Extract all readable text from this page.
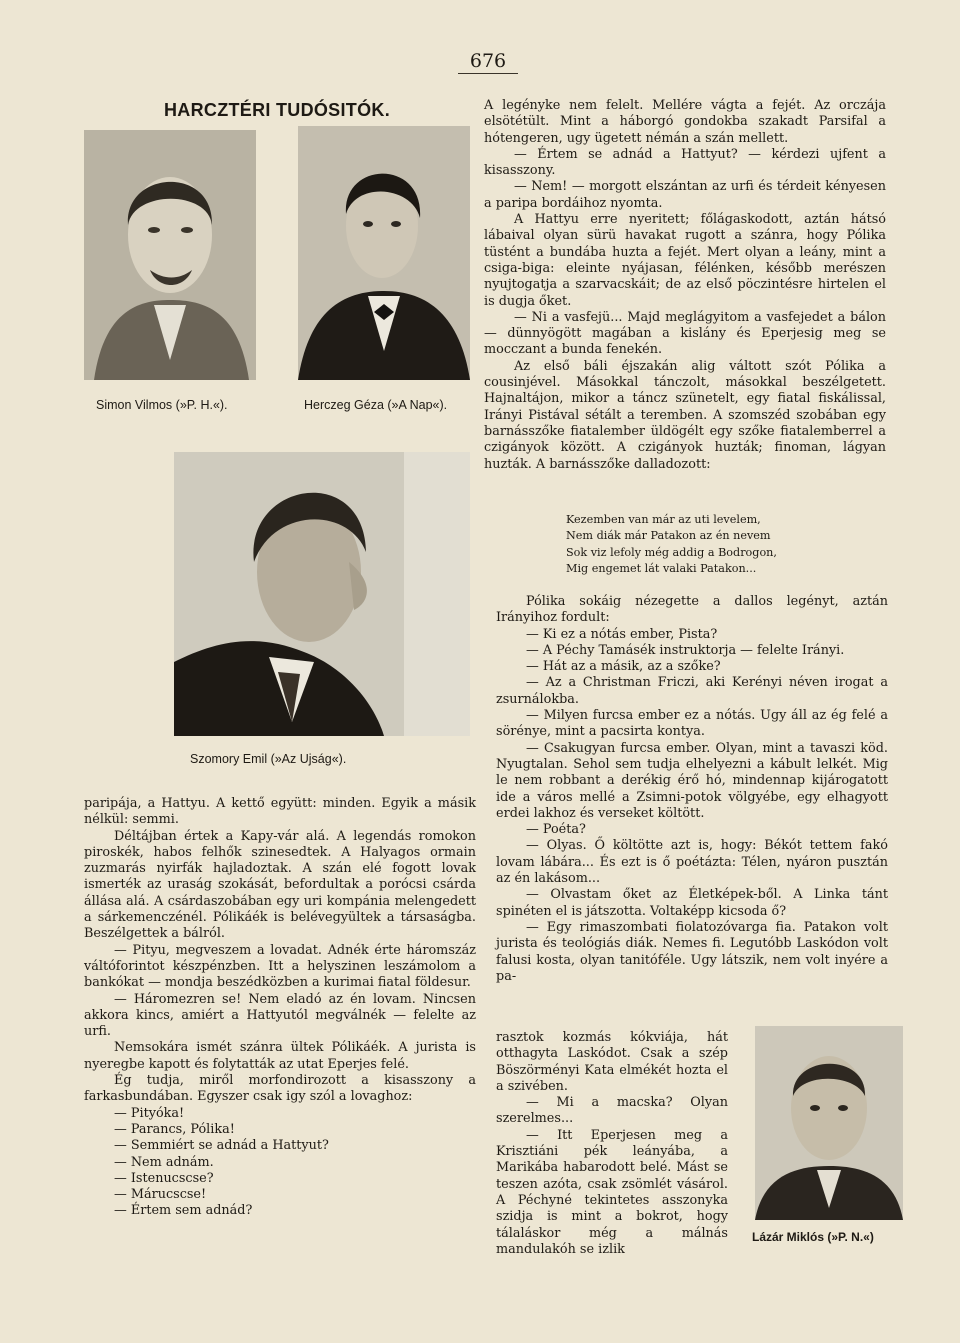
676
HARCZTÉRI TUDÓSITÓK.
Simon Vilmos (»P. H.«).	Herczeg Géza (»A Nap«).
Szomory Emil (»Az Ujság«).
Lázár Miklós (»P. N.«)

A legényke nem felelt. Mellére vágta a fejét. Az orczája elsötétült. Mint a háborgó gondokba szakadt Parsifal a hótengeren, ugy ügetett némán a szán mellett.

— Értem se adnád a Hattyut? — kérdezi ujfent a kisasszony.

— Nem! — morgott elszántan az urfi és térdeit kényesen a paripa bordáihoz nyomta.

A Hattyu erre nyeritett; főlágaskodott, aztán hátsó lábaival olyan sürü havakat rugott a szánra, hogy Pólika tüstént a bundába huzta a fejét. Mert olyan a leány, mint a csiga-biga: eleinte nyájasan, félénken, később merészen nyujtogatja a szarvacskáit; de az első pöczintésre hirtelen el is dugja őket.

— Ni a vasfejü... Majd meglágyitom a vasfejedet a bálon — dünnyögött magában a kislány és Eperjesig meg se mocczant a bunda fenekén.

Az első báli éjszakán alig váltott szót Pólika a cousinjével. Másokkal tánczolt, másokkal beszélgetett. Hajnaltájon, mikor a táncz szünetelt, egy fiatal fiskálissal, Irányi Pistával sétált a teremben. A szomszéd szobában egy barnásszőke fiatalember üldögélt egy szőke fiatalemberrel a czigányok között. A czigányok huzták; finoman, lágyan huzták. A barnásszőke dalladozott:

Kezemben van már az uti levelem,
Nem diák már Patakon az én nevem
Sok viz lefoly még addig a Bodrogon,
Mig engemet lát valaki Patakon...

Pólika sokáig nézegette a dallos legényt, aztán Irányihoz fordult:

— Ki ez a nótás ember, Pista?

— A Péchy Tamásék instruktorja — felelte Irányi.

— Hát az a másik, az a szőke?

— Az a Christman Friczi, aki Kerényi néven irogat a zsurnálokba.

— Milyen furcsa ember ez a nótás. Ugy áll az ég felé a sörénye, mint a pacsirta kontya.

— Csakugyan furcsa ember. Olyan, mint a tavaszi köd. Nyugtalan. Sehol sem tudja elhelyezni a kábult lelkét. Mig le nem robbant a derékig érő hó, mindennap kijárogatott ide a város mellé a Zsimni-potok völgyébe, egy elhagyott erdei lakhoz és verseket költött.

— Poéta?

— Olyas. Ő költötte azt is, hogy: Békót tettem fakó lovam lábára... És ezt is ő poétázta: Télen, nyáron pusztán az én lakásom...

— Olvastam őket az Életképek-ből. A Linka tánt spinéten el is játszotta. Voltaképp kicsoda ő?

— Egy rimaszombati fiolatozóvarga fia. Patakon volt jurista és teológiás diák. Nemes fi. Legutóbb Laskódon volt falusi kosta, olyan tanitóféle. Ugy látszik, nem volt inyére a pa-

rasztok kozmás kókviája, hát otthagyta Laskódot. Csak a szép Böszörményi Kata elmékét hozta el a szivében.

— Mi a macska? Olyan szerelmes...

— Itt Eperjesen meg a Krisztiáni pék leányába, a Marikába habarodott belé. Mást se teszen azóta, csak zsömlét vásárol. A Péchyné tekintetes asszonyka szidja is mint a bokrot, hogy tálaláskor még a málnás mandulakóh se izlik

paripája, a Hattyu. A kettő együtt: minden. Egyik a másik nélkül: semmi.

Déltájban értek a Kapy-vár alá. A legendás romokon piroskék, habos felhők szinesedtek. A Halyagos ormain zuzmarás nyirfák hajladoztak. A szán elé fogott lovak ismerték az uraság szokását, befordultak a porócsi csárda állása alá. A csárdaszobában egy uri kompánia melengedett a sárkemenczénél. Pólikáék is belévegyültek a társaságba. Beszélgettek a bálról.

— Pityu, megveszem a lovadat. Adnék érte háromszáz váltóforintot készpénzben. Itt a helyszinen leszámolom a bankókat — mondja beszédközben a kurimai fiatal földesur.

— Háromezren se! Nem eladó az én lovam. Nincsen akkora kincs, amiért a Hattyutól megválnék — felelte az urfi.

Nemsokára ismét szánra ültek Pólikáék. A jurista is nyeregbe kapott és folytatták az utat Eperjes felé.

Ég tudja, miről morfondirozott a kisasszony a farkasbundában. Egyszer csak igy szól a lovaghoz:

— Pityóka!

— Parancs, Pólika!

— Semmiért se adnád a Hattyut?

— Nem adnám.

— Istenucscse?

— Márucscse!

— Értem sem adnád?
